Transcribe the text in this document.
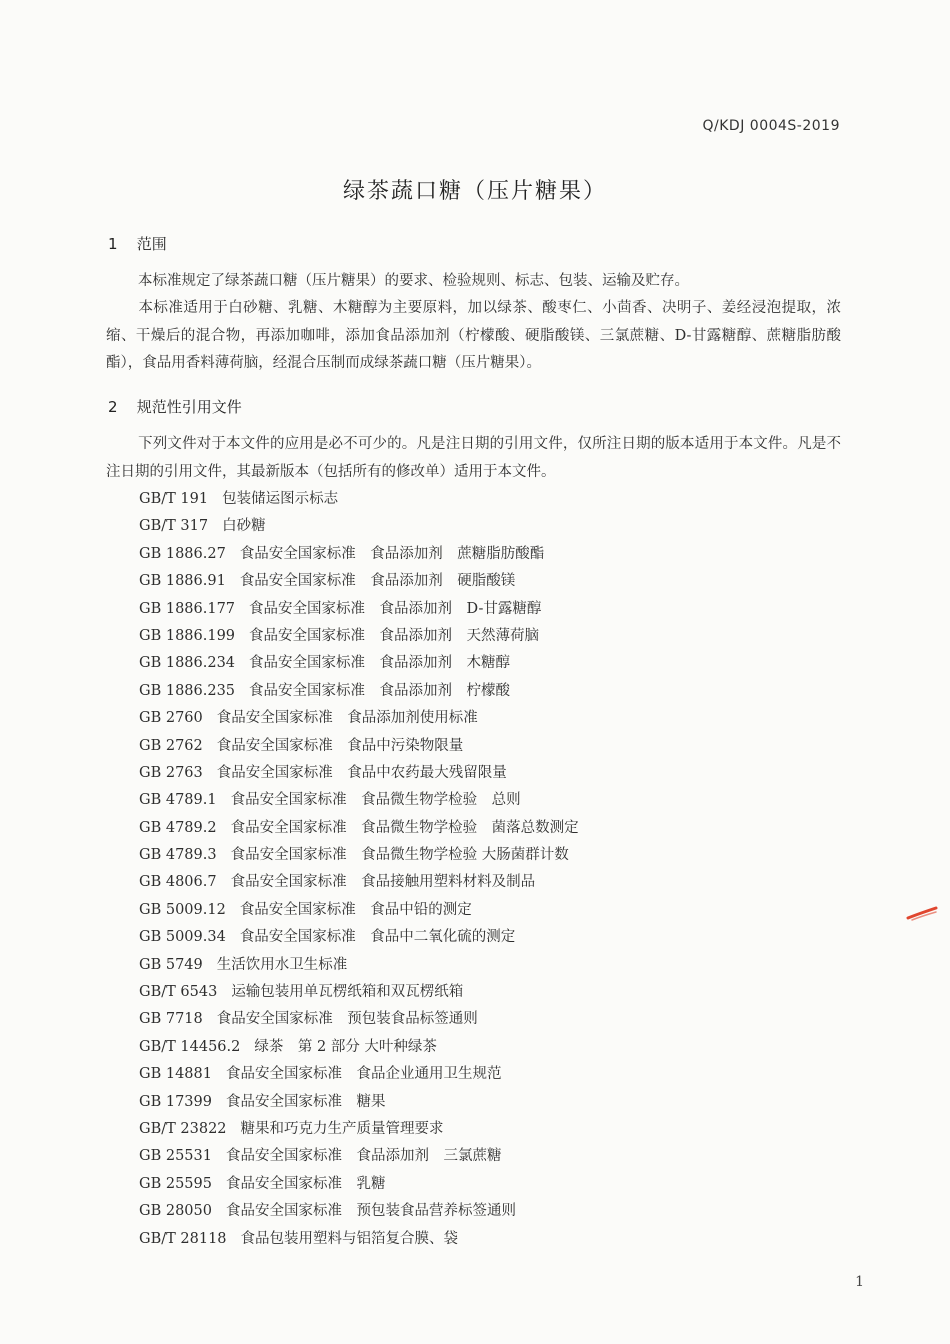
Q/KDJ 0004S-2019
绿茶蔬口糖（压片糖果）
1 范围
本标准规定了绿茶蔬口糖（压片糖果）的要求、检验规则、标志、包装、运输及贮存。
本标准适用于白砂糖、乳糖、木糖醇为主要原料，加以绿茶、酸枣仁、小茴香、决明子、姜经浸泡提取，浓缩、干燥后的混合物，再添加咖啡，添加食品添加剂（柠檬酸、硬脂酸镁、三氯蔗糖、D-甘露糖醇、蔗糖脂肪酸酯），食品用香料薄荷脑，经混合压制而成绿茶蔬口糖（压片糖果）。
2 规范性引用文件
下列文件对于本文件的应用是必不可少的。凡是注日期的引用文件，仅所注日期的版本适用于本文件。凡是不注日期的引用文件，其最新版本（包括所有的修改单）适用于本文件。
GB/T 191 包装储运图示标志
GB/T 317 白砂糖
GB 1886.27 食品安全国家标准　食品添加剂　蔗糖脂肪酸酯
GB 1886.91 食品安全国家标准　食品添加剂　硬脂酸镁
GB 1886.177 食品安全国家标准　食品添加剂　D-甘露糖醇
GB 1886.199 食品安全国家标准　食品添加剂　天然薄荷脑
GB 1886.234 食品安全国家标准　食品添加剂　木糖醇
GB 1886.235 食品安全国家标准　食品添加剂　柠檬酸
GB 2760 食品安全国家标准　食品添加剂使用标准
GB 2762 食品安全国家标准　食品中污染物限量
GB 2763 食品安全国家标准　食品中农药最大残留限量
GB 4789.1 食品安全国家标准　食品微生物学检验　总则
GB 4789.2 食品安全国家标准　食品微生物学检验　菌落总数测定
GB 4789.3 食品安全国家标准　食品微生物学检验 大肠菌群计数
GB 4806.7 食品安全国家标准　食品接触用塑料材料及制品
GB 5009.12 食品安全国家标准　食品中铅的测定
GB 5009.34 食品安全国家标准　食品中二氧化硫的测定
GB 5749 生活饮用水卫生标准
GB/T 6543 运输包装用单瓦楞纸箱和双瓦楞纸箱
GB 7718 食品安全国家标准　预包装食品标签通则
GB/T 14456.2 绿茶　第 2 部分 大叶种绿茶
GB 14881 食品安全国家标准　食品企业通用卫生规范
GB 17399 食品安全国家标准　糖果
GB/T 23822 糖果和巧克力生产质量管理要求
GB 25531 食品安全国家标准　食品添加剂　三氯蔗糖
GB 25595 食品安全国家标准　乳糖
GB 28050 食品安全国家标准　预包装食品营养标签通则
GB/T 28118 食品包装用塑料与铝箔复合膜、袋
1
